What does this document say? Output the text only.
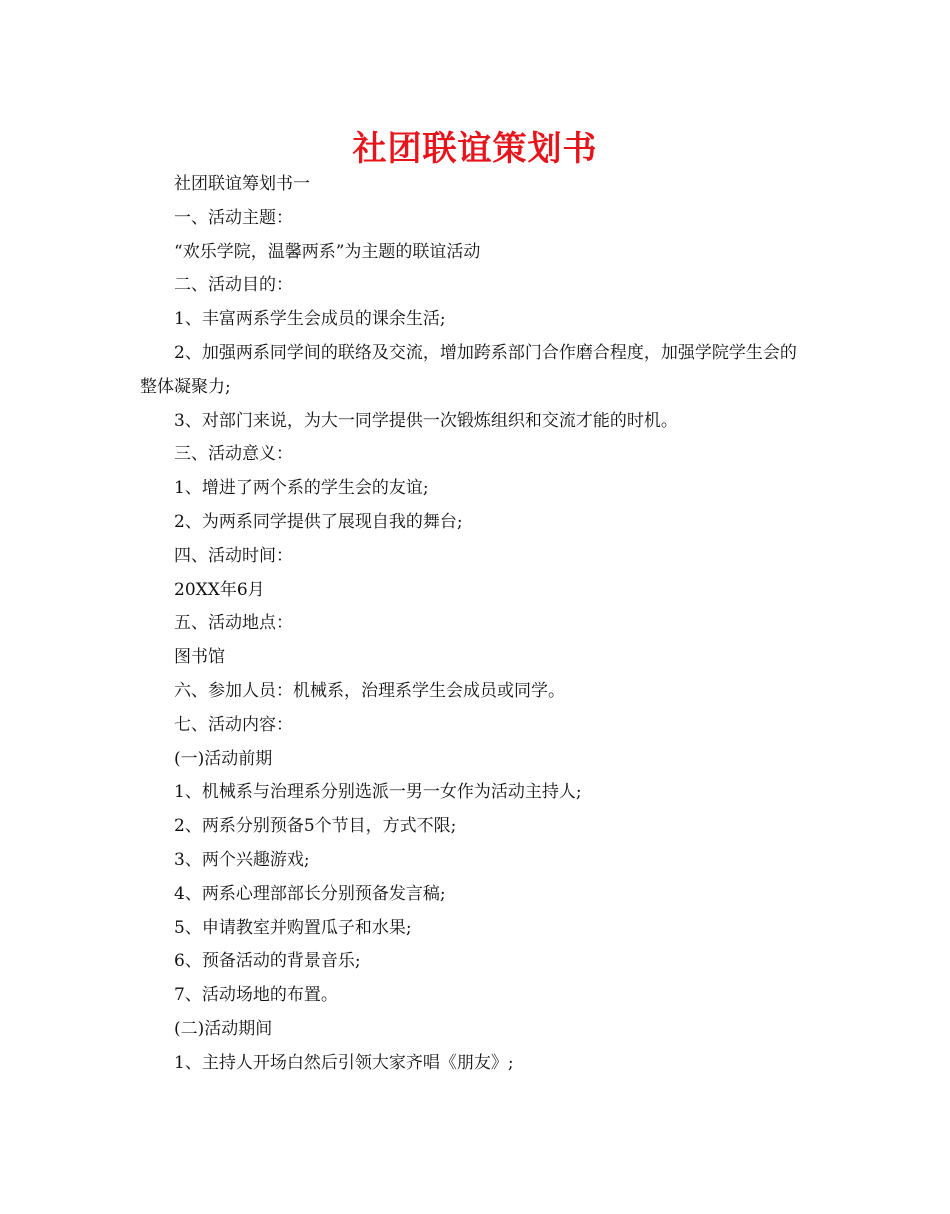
社团联谊策划书

社团联谊筹划书一

一、活动主题：

“欢乐学院，温馨两系”为主题的联谊活动

二、活动目的：

1、丰富两系学生会成员的课余生活;

2、加强两系同学间的联络及交流，增加跨系部门合作磨合程度，加强学院学生会的整体凝聚力;

3、对部门来说，为大一同学提供一次锻炼组织和交流才能的时机。

三、活动意义：

1、增进了两个系的学生会的友谊;

2、为两系同学提供了展现自我的舞台;

四、活动时间：

20XX年6月

五、活动地点：

图书馆

六、参加人员：机械系，治理系学生会成员或同学。

七、活动内容：

(一)活动前期

1、机械系与治理系分别选派一男一女作为活动主持人;

2、两系分别预备5个节目，方式不限;

3、两个兴趣游戏;

4、两系心理部部长分别预备发言稿;

5、申请教室并购置瓜子和水果;

6、预备活动的背景音乐;

7、活动场地的布置。

(二)活动期间

1、主持人开场白然后引领大家齐唱《朋友》;
